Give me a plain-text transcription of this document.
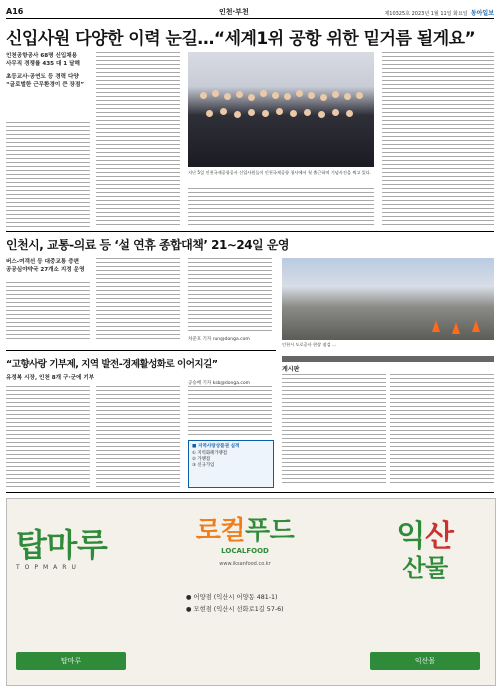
A16	인천·부천	제10325호 2023년 1월 11일 화요일 동아일보
신입사원 다양한 이력 눈길…“세계1위 공항 위한 밑거름 될게요”
인천공항공사 68명 신입채용
사무직 경쟁률 435 대 1 달해
초등교사·공연도 등 경력 다양
“글로벌한 근무환경이 큰 장점”
지난 5일 인천국제공항공사 신입사원들이 인천국제공항 청사에서 첫 출근하며 기념사진을 찍고 있다.
인천시, 교통-의료 등 ‘설 연휴 종합대책’ 21∼24일 운영
버스-여객선 등 대중교통 증편
공공심야약국 27개소 지정 운영
차준호 기자 run@donga.com
인천시 도로공사 현장 점검 …
“고향사랑 기부제, 지역 발전-경제활성화로 이어지길”
유정복 시장, 인천 8개 구·군에 기부
공승배 기자 ksb@donga.com
■ 지역사랑상품권 실적
① 지역화폐가맹점
② 가맹점
③ 신규가입
게시판
탑마루
TOPMARU
탑마루
로컬푸드
LOCALFOOD
www.iksanfood.co.kr
● 어양점 (익산시 어양동 481-1)
● 모현점 (익산시 선화로1길 57-6)
익산
산물
익산몰
